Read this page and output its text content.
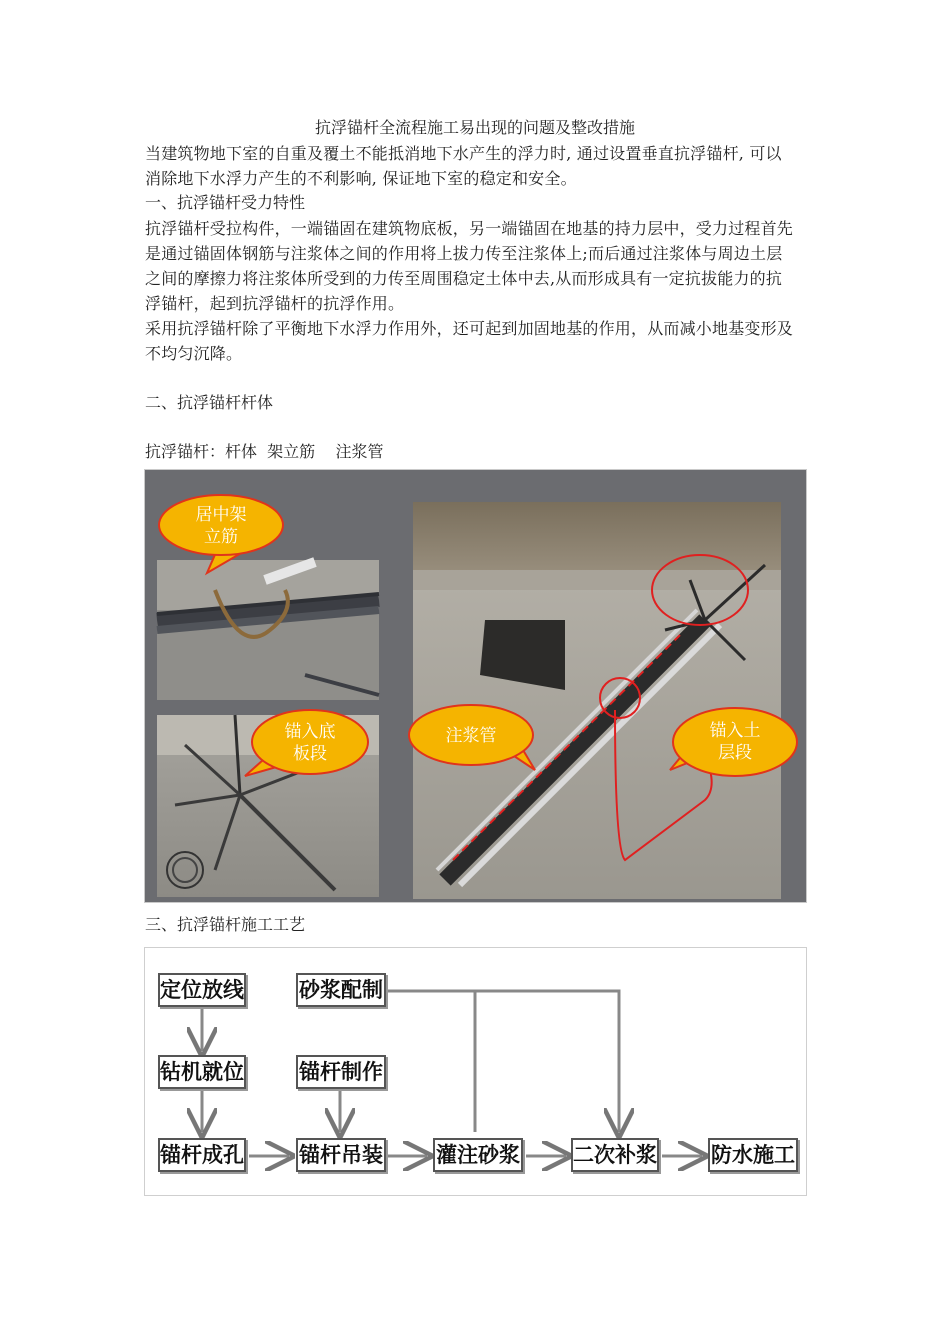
抗浮锚杆全流程施工易出现的问题及整改措施

当建筑物地下室的自重及覆土不能抵消地下水产生的浮力时, 通过设置垂直抗浮锚杆, 可以

消除地下水浮力产生的不利影响, 保证地下室的稳定和安全。

一、抗浮锚杆受力特性

抗浮锚杆受拉构件，一端锚固在建筑物底板，另一端锚固在地基的持力层中，受力过程首先

是通过锚固体钢筋与注浆体之间的作用将上拔力传至注浆体上;而后通过注浆体与周边土层

之间的摩擦力将注浆体所受到的力传至周围稳定土体中去,从而形成具有一定抗拔能力的抗

浮锚杆，起到抗浮锚杆的抗浮作用。

采用抗浮锚杆除了平衡地下水浮力作用外，还可起到加固地基的作用，从而减小地基变形及

不均匀沉降。

二、抗浮锚杆杆体

抗浮锚杆：杆体  架立筋    注浆管

居中架
立筋
锚入底
板段
注浆管	锚入土
层段

三、抗浮锚杆施工工艺

定位放线	砂浆配制
钻机就位	锚杆制作
锚杆成孔	锚杆吊装	灌注砂浆	二次补浆	防水施工
